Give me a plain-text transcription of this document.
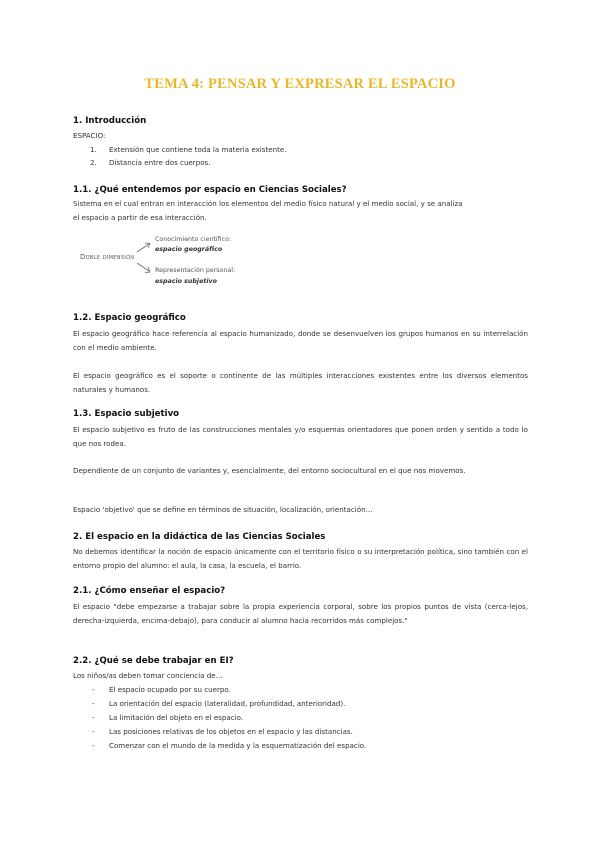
TEMA 4: PENSAR Y EXPRESAR EL ESPACIO
1. Introducción
ESPACIO:
1. Extensión que contiene toda la materia existente.
2. Distancia entre dos cuerpos.
1.1. ¿Qué entendemos por espacio en Ciencias Sociales?
Sistema en el cual entran en interacción los elementos del medio físico natural y el medio social, y se analiza
el espacio a partir de esa interacción.
Doble dimensión
Conocimiento científico:
espacio geográfico
Representación personal:
espacio subjetivo
1.2. Espacio geográfico
El espacio geográfico hace referencia al espacio humanizado, donde se desenvuelven los grupos humanos en su interrelación con el medio ambiente.
El espacio geográfico es el soporte o continente de las múltiples interacciones existentes entre los diversos elementos naturales y humanos.
1.3. Espacio subjetivo
El espacio subjetivo es fruto de las construcciones mentales y/o esquemas orientadores que ponen orden y sentido a todo lo que nos rodea.
Dependiente de un conjunto de variantes y, esencialmente, del entorno sociocultural en el que nos movemos.
Espacio 'objetivo' que se define en términos de situación, localización, orientación…
2. El espacio en la didáctica de las Ciencias Sociales
No debemos identificar la noción de espacio únicamente con el territorio físico o su interpretación política, sino también con el entorno propio del alumno: el aula, la casa, la escuela, el barrio.
2.1. ¿Cómo enseñar el espacio?
El espacio "debe empezarse a trabajar sobre la propia experiencia corporal, sobre los propios puntos de vista (cerca-lejos, derecha-izquierda, encima-debajo), para conducir al alumno hacia recorridos más complejos."
2.2. ¿Qué se debe trabajar en EI?
Los niños/as deben tomar conciencia de…
- El espacio ocupado por su cuerpo.
- La orientación del espacio (lateralidad, profundidad, anterioridad).
- La limitación del objeto en el espacio.
- Las posiciones relativas de los objetos en el espacio y las distancias.
- Comenzar con el mundo de la medida y la esquematización del espacio.
